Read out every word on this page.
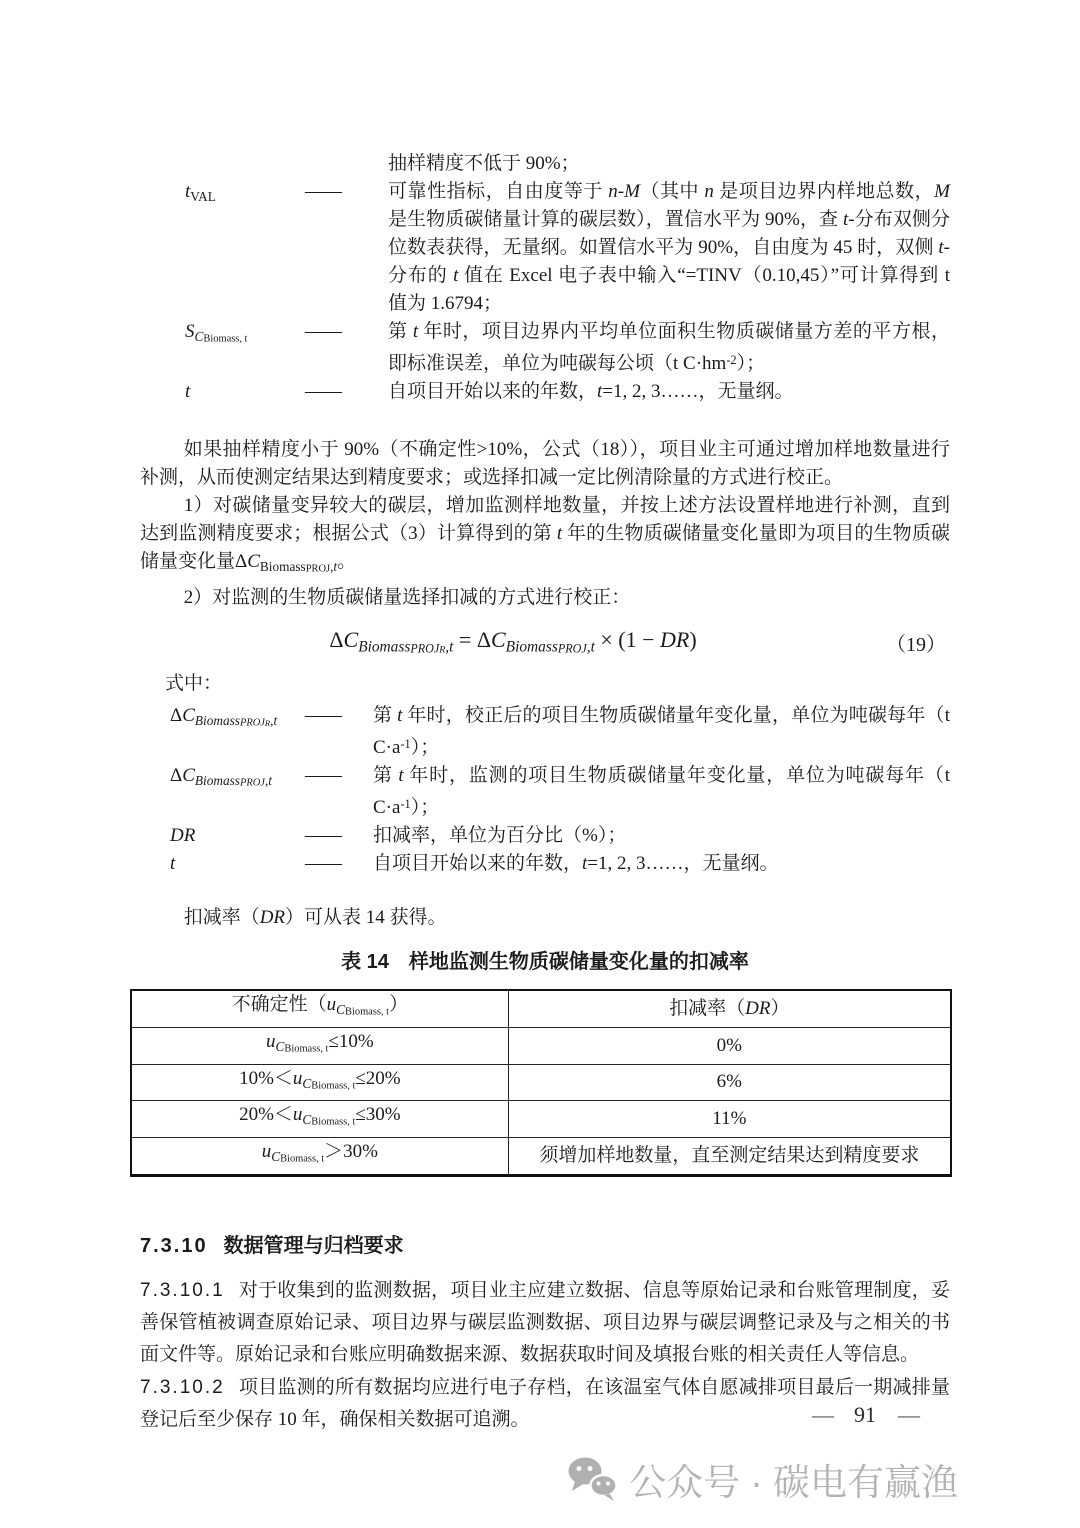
抽样精度不低于 90%；
$t_{VAL}$	——	可靠性指标，自由度等于 n-M（其中 n 是项目边界内样地总数，M 是生物质碳储量计算的碳层数），置信水平为 90%，查 t-分布双侧分位数表获得，无量纲。如置信水平为 90%，自由度为 45 时，双侧 t-分布的 t 值在 Excel 电子表中输入“=TINV（0.10,45）”可计算得到 t 值为 1.6794；
$S_{CBiomass, t}$	——	第 t 年时，项目边界内平均单位面积生物质碳储量方差的平方根，即标准误差，单位为吨碳每公顷（t $C\cdot hm^{-2}$）；
t	——	自项目开始以来的年数，t=1, 2, 3……，无量纲。

如果抽样精度小于 90%（不确定性>10%，公式（18）），项目业主可通过增加样地数量进行补测，从而使测定结果达到精度要求；或选择扣减一定比例清除量的方式进行校正。

1）对碳储量变异较大的碳层，增加监测样地数量，并按上述方法设置样地进行补测，直到达到监测精度要求；根据公式（3）计算得到的第 t 年的生物质碳储量变化量即为项目的生物质碳储量变化量$\Delta C_{BiomassPROJ,t}$。

2）对监测的生物质碳储量选择扣减的方式进行校正：

$\Delta C_{BiomassPROJR,t} = \Delta C_{BiomassPROJ,t} \times (1 - DR)$	（19）
式中：
$\Delta C_{BiomassPROJR,t}$	——	第 t 年时，校正后的项目生物质碳储量年变化量，单位为吨碳每年（t $C\cdot a^{-1}$）；
$\Delta C_{BiomassPROJ,t}$	——	第 t 年时，监测的项目生物质碳储量年变化量，单位为吨碳每年（t $C\cdot a^{-1}$）；
DR	——	扣减率，单位为百分比（%）；
t	——	自项目开始以来的年数，t=1, 2, 3……，无量纲。
扣减率（DR）可从表 14 获得。
表 14　样地监测生物质碳储量变化量的扣减率
不确定性$(u_{CBiomass, t})$	扣减率（DR）
$u_{CBiomass, t}\le 10\%$	0%
$10\%<u_{CBiomass, t}\le 20\%$	6%
$20\%<u_{CBiomass, t}\le 30\%$	11%
$u_{CBiomass, t}>30\%$	须增加样地数量，直至测定结果达到精度要求
7.3.10 数据管理与归档要求

7.3.10.1 对于收集到的监测数据，项目业主应建立数据、信息等原始记录和台账管理制度，妥善保管植被调查原始记录、项目边界与碳层监测数据、项目边界与碳层调整记录及与之相关的书面文件等。原始记录和台账应明确数据来源、数据获取时间及填报台账的相关责任人等信息。

7.3.10.2 项目监测的所有数据均应进行电子存档，在该温室气体自愿减排项目最后一期减排量登记后至少保存 10 年，确保相关数据可追溯。	— 91 —
公众号 · 碳电有赢渔
